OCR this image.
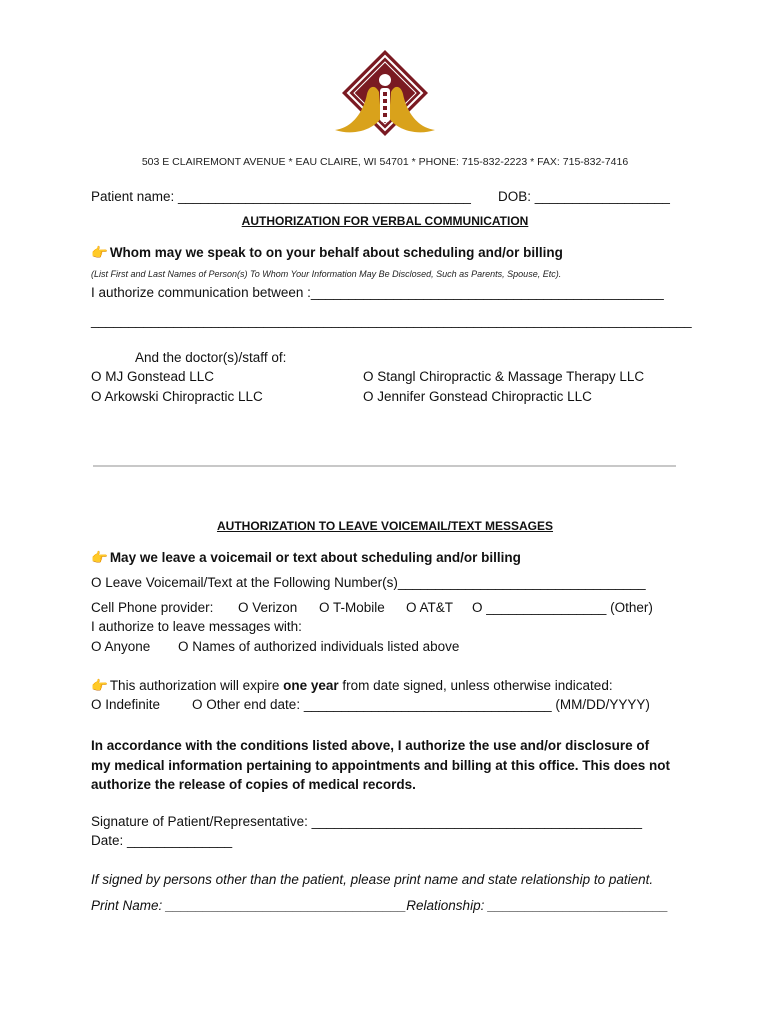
503 E CLAIREMONT AVENUE * EAU CLAIRE, WI 54701 * PHONE: 715-832-2223 * FAX: 715-832-7416
Patient name: _______________________________________ DOB: __________________
AUTHORIZATION FOR VERBAL COMMUNICATION
👉 Whom may we speak to on your behalf about scheduling and/or billing
(List First and Last Names of Person(s) To Whom Your Information May Be Disclosed, Such as Parents, Spouse, Etc).
I authorize communication between :_______________________________________________
________________________________________________________________________________
And the doctor(s)/staff of:
O MJ Gonstead LLC
O Arkowski Chiropractic LLC
O Stangl Chiropractic & Massage Therapy LLC
O Jennifer Gonstead Chiropractic LLC
AUTHORIZATION TO LEAVE VOICEMAIL/TEXT MESSAGES
👉 May we leave a voicemail or text about scheduling and/or billing
O Leave Voicemail/Text at the Following Number(s)_________________________________
Cell Phone provider: O Verizon O T-Mobile O AT&T O ________________ (Other)
I authorize to leave messages with:
O Anyone O Names of authorized individuals listed above
👉 This authorization will expire one year from date signed, unless otherwise indicated:
O Indefinite O Other end date: _________________________________ (MM/DD/YYYY)
In accordance with the conditions listed above, I authorize the use and/or disclosure of my medical information pertaining to appointments and billing at this office. This does not authorize the release of copies of medical records.
Signature of Patient/Representative: ____________________________________________
Date: ______________
If signed by persons other than the patient, please print name and state relationship to patient.
Print Name: ________________________________Relationship: ________________________
